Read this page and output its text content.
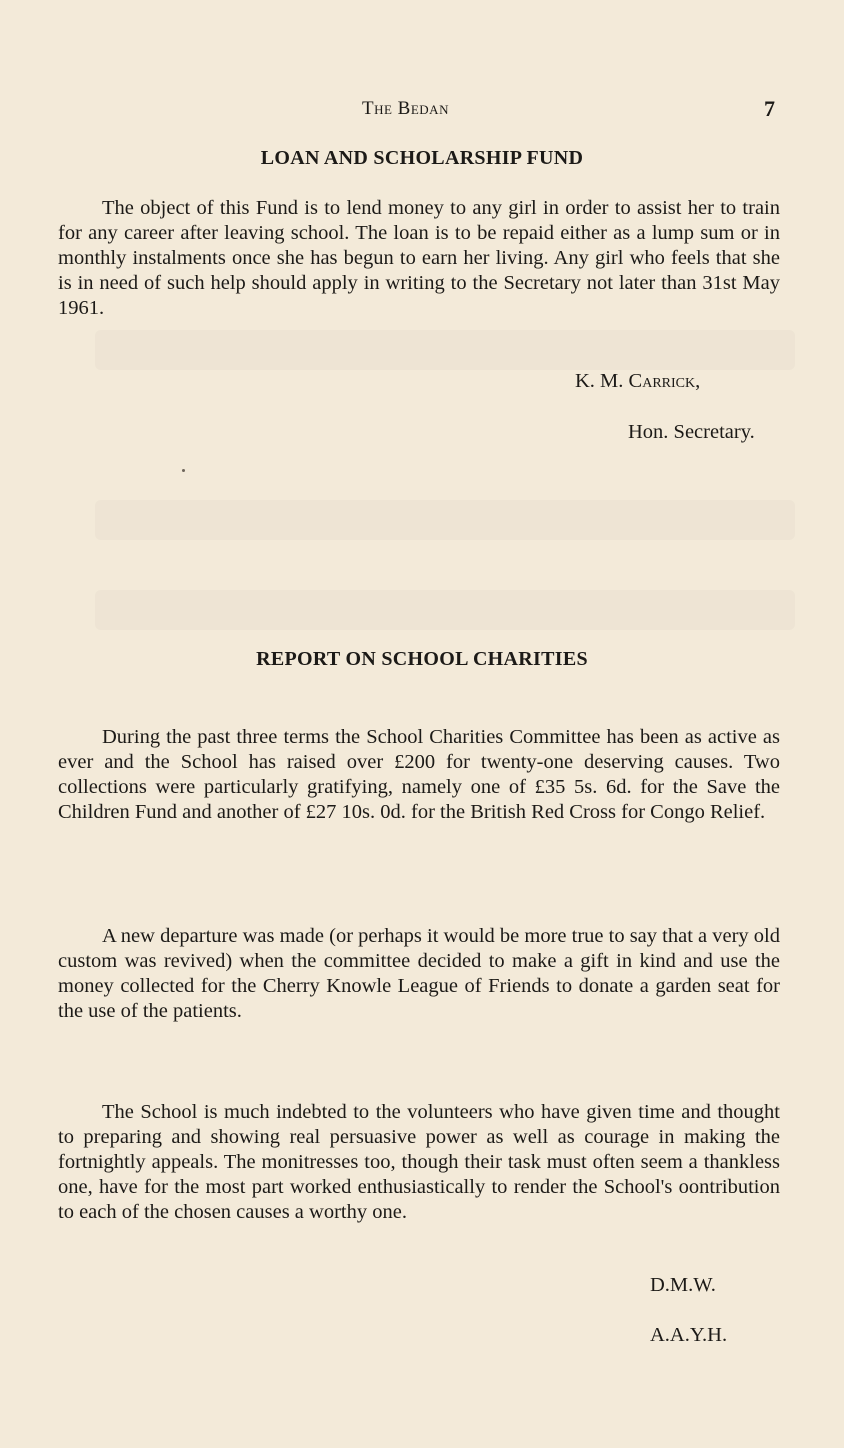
The Bedan	7
LOAN AND SCHOLARSHIP FUND
The object of this Fund is to lend money to any girl in order to assist her to train for any career after leaving school. The loan is to be repaid either as a lump sum or in monthly instalments once she has begun to earn her living. Any girl who feels that she is in need of such help should apply in writing to the Secretary not later than 31st May 1961.
K. M. Carrick,
Hon. Secretary.
REPORT ON SCHOOL CHARITIES
During the past three terms the School Charities Committee has been as active as ever and the School has raised over £200 for twenty-one deserving causes. Two collections were particularly gratifying, namely one of £35 5s. 6d. for the Save the Children Fund and another of £27 10s. 0d. for the British Red Cross for Congo Relief.
A new departure was made (or perhaps it would be more true to say that a very old custom was revived) when the committee decided to make a gift in kind and use the money collected for the Cherry Knowle League of Friends to donate a garden seat for the use of the patients.
The School is much indebted to the volunteers who have given time and thought to preparing and showing real persuasive power as well as courage in making the fortnightly appeals. The monitresses too, though their task must often seem a thankless one, have for the most part worked enthusiastically to render the School's oontribution to each of the chosen causes a worthy one.
D.M.W.
A.A.Y.H.
